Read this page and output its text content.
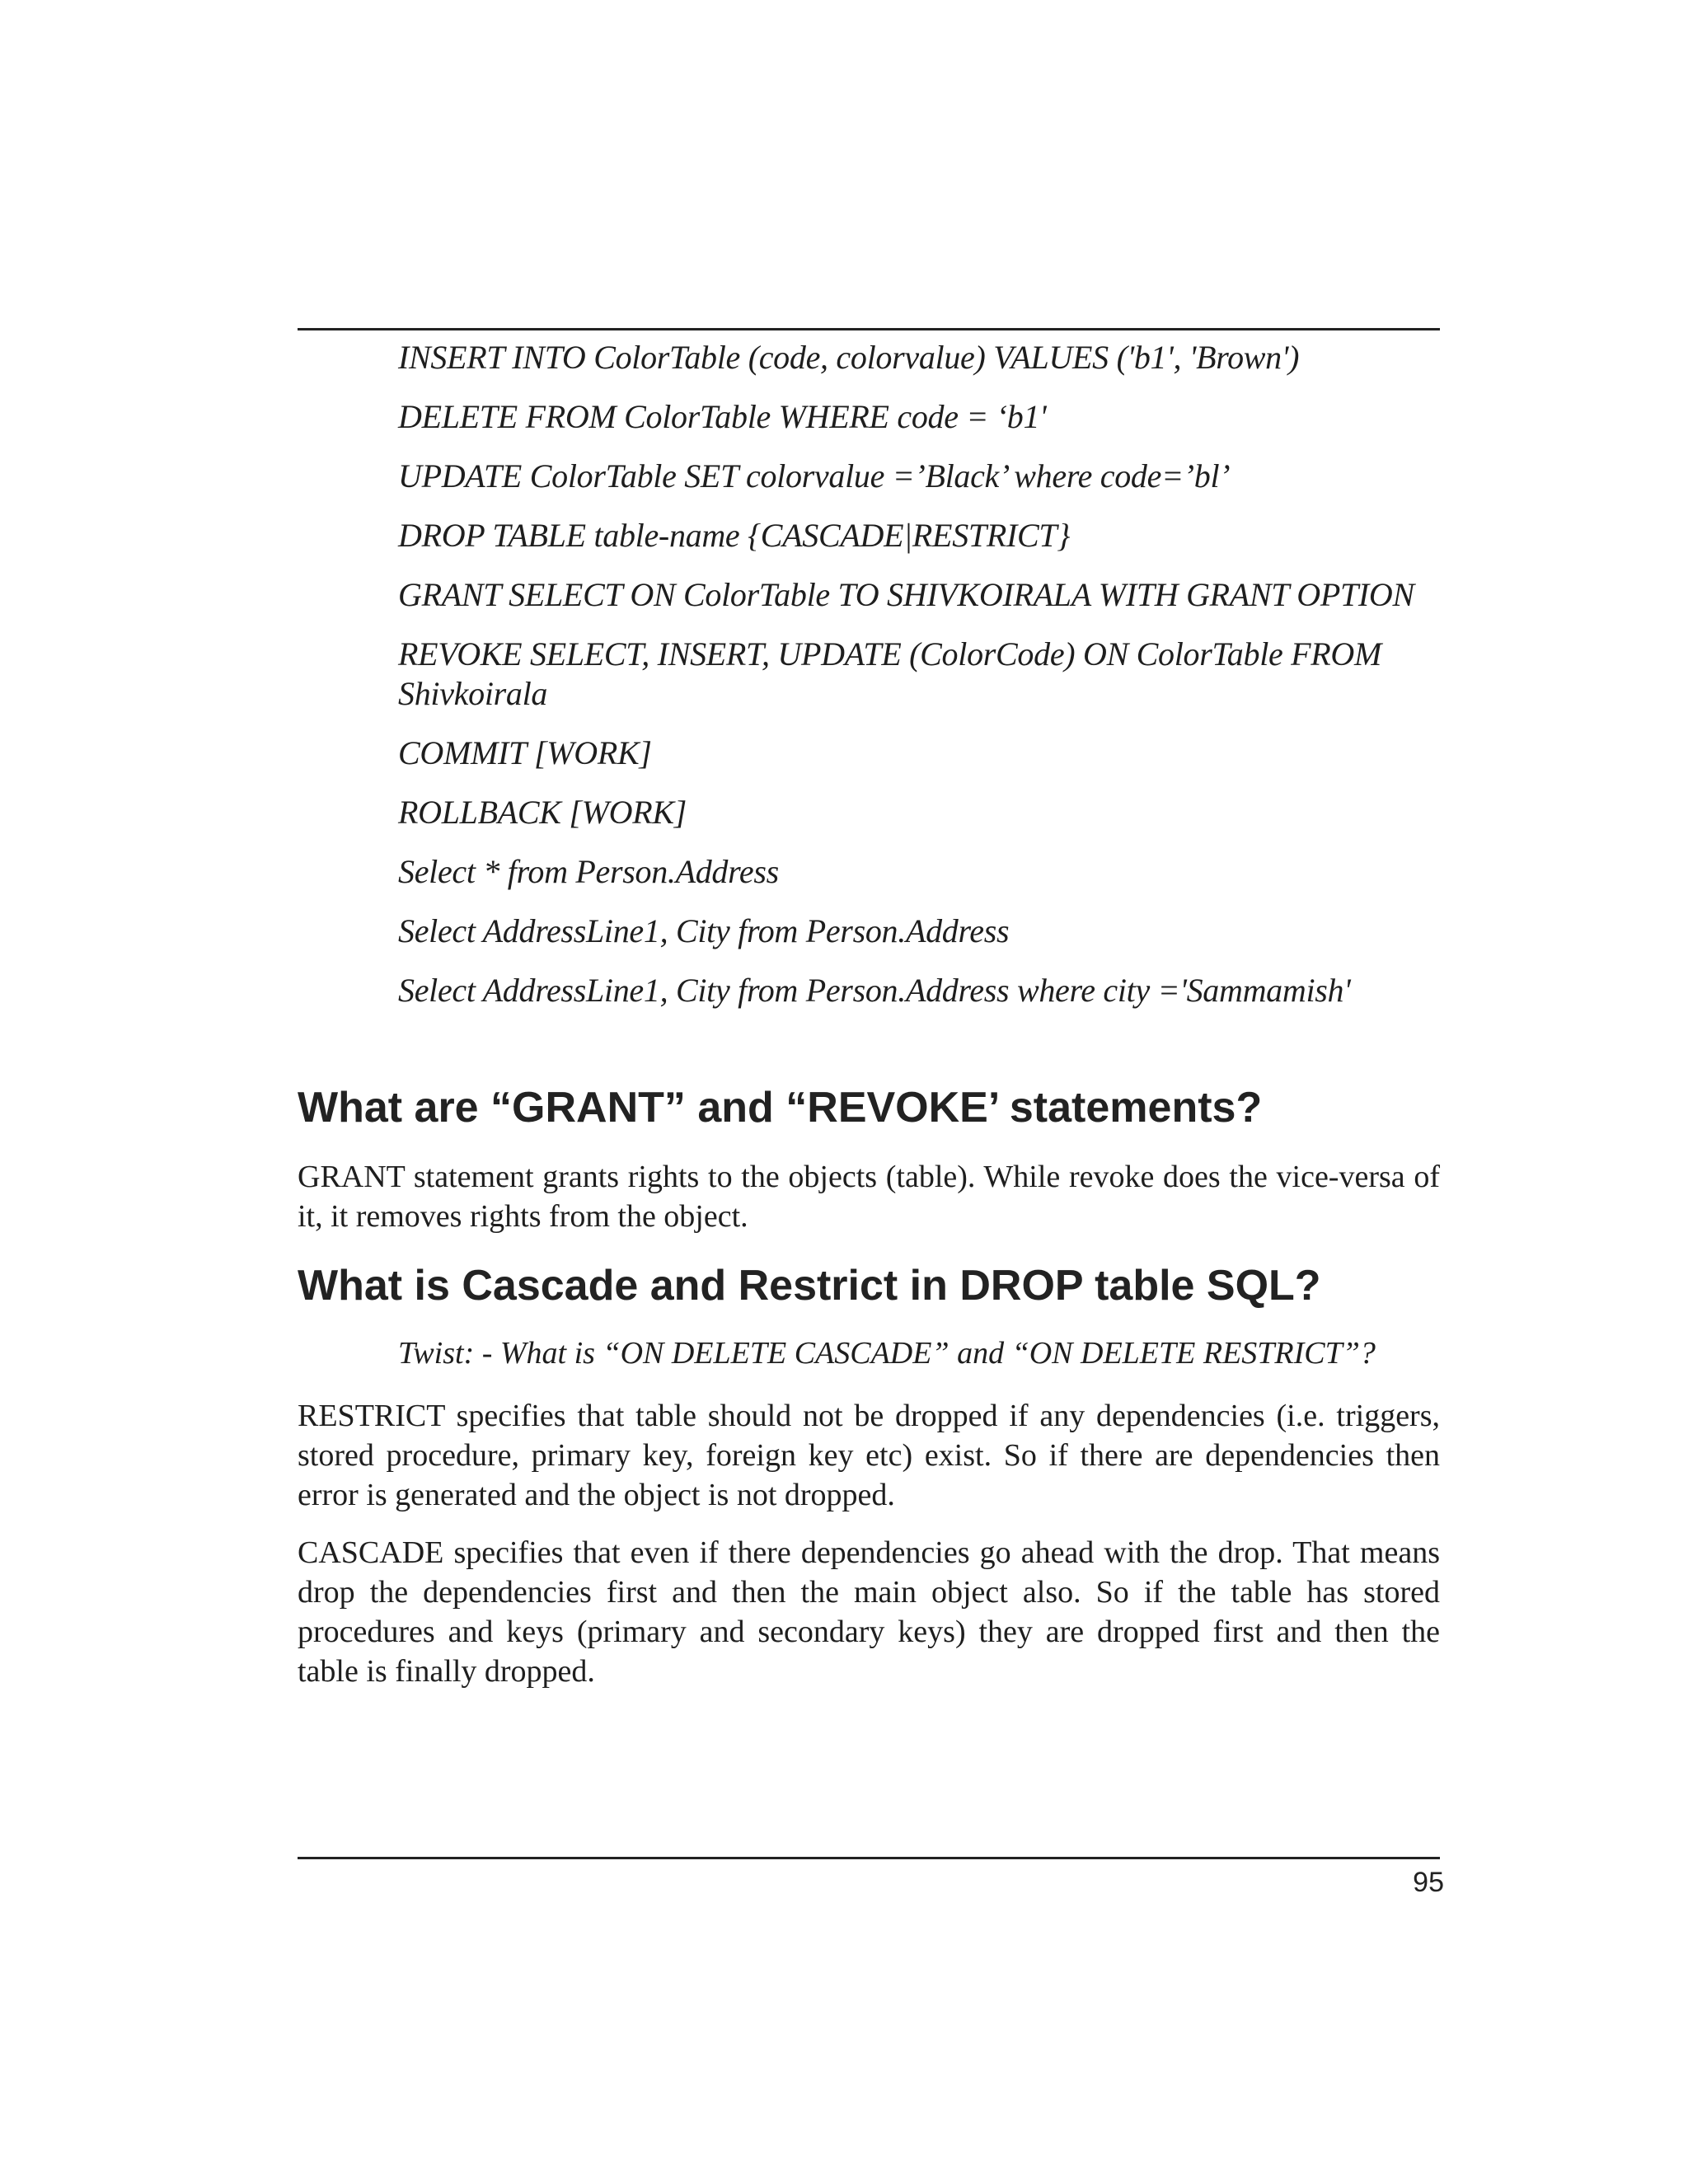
INSERT INTO ColorTable (code, colorvalue) VALUES ('b1', 'Brown')
DELETE FROM ColorTable WHERE code = ‘b1'
UPDATE ColorTable SET colorvalue =’Black’ where code=’bl’
DROP TABLE table-name {CASCADE|RESTRICT}
GRANT SELECT ON ColorTable TO SHIVKOIRALA WITH GRANT OPTION
REVOKE SELECT, INSERT, UPDATE (ColorCode) ON ColorTable FROM Shivkoirala
COMMIT [WORK]
ROLLBACK [WORK]
Select * from Person.Address
Select AddressLine1, City from Person.Address
Select AddressLine1, City from Person.Address where city ='Sammamish'
What are “GRANT” and “REVOKE’ statements?

GRANT statement grants rights to the objects (table). While revoke does the vice-versa of it, it removes rights from the object.

What is Cascade and Restrict in DROP table SQL?

Twist: - What is “ON DELETE CASCADE” and “ON DELETE RESTRICT”?

RESTRICT specifies that table should not be dropped if any dependencies (i.e. triggers, stored procedure, primary key, foreign key etc) exist. So if there are dependencies then error is generated and the object is not dropped.

CASCADE specifies that even if there dependencies go ahead with the drop. That means drop the dependencies first and then the main object also. So if the table has stored procedures and keys (primary and secondary keys) they are dropped first and then the table is finally dropped.

95
